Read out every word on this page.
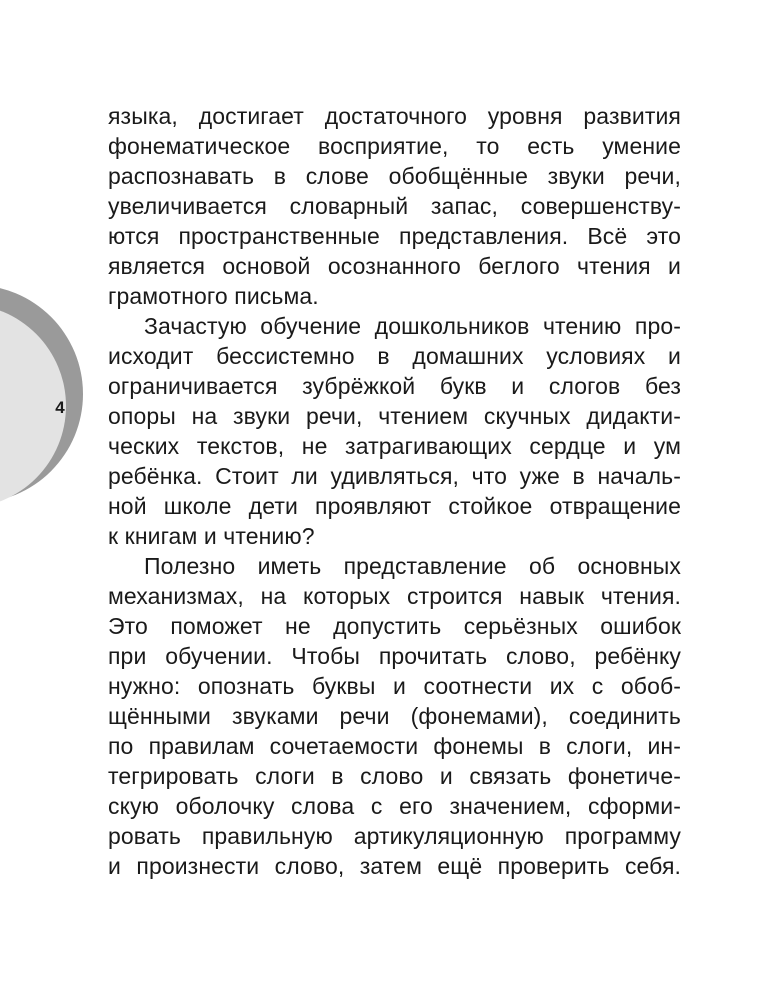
4
языка, достигает достаточного уровня развития
фонематическое восприятие, то есть умение
распознавать в слове обобщённые звуки речи,
увеличивается словарный запас, совершенству-
ются пространственные представления. Всё это
является основой осознанного беглого чтения и
грамотного письма.
Зачастую обучение дошкольников чтению про-
исходит бессистемно в домашних условиях и
ограничивается зубрёжкой букв и слогов без
опоры на звуки речи, чтением скучных дидакти-
ческих текстов, не затрагивающих сердце и ум
ребёнка. Стоит ли удивляться, что уже в началь-
ной школе дети проявляют стойкое отвращение
к книгам и чтению?
Полезно иметь представление об основных
механизмах, на которых строится навык чтения.
Это поможет не допустить серьёзных ошибок
при обучении. Чтобы прочитать слово, ребёнку
нужно: опознать буквы и соотнести их с обоб-
щёнными звуками речи (фонемами), соединить
по правилам сочетаемости фонемы в слоги, ин-
тегрировать слоги в слово и связать фонетиче-
скую оболочку слова с его значением, сформи-
ровать правильную артикуляционную программу
и произнести слово, затем ещё проверить себя.
